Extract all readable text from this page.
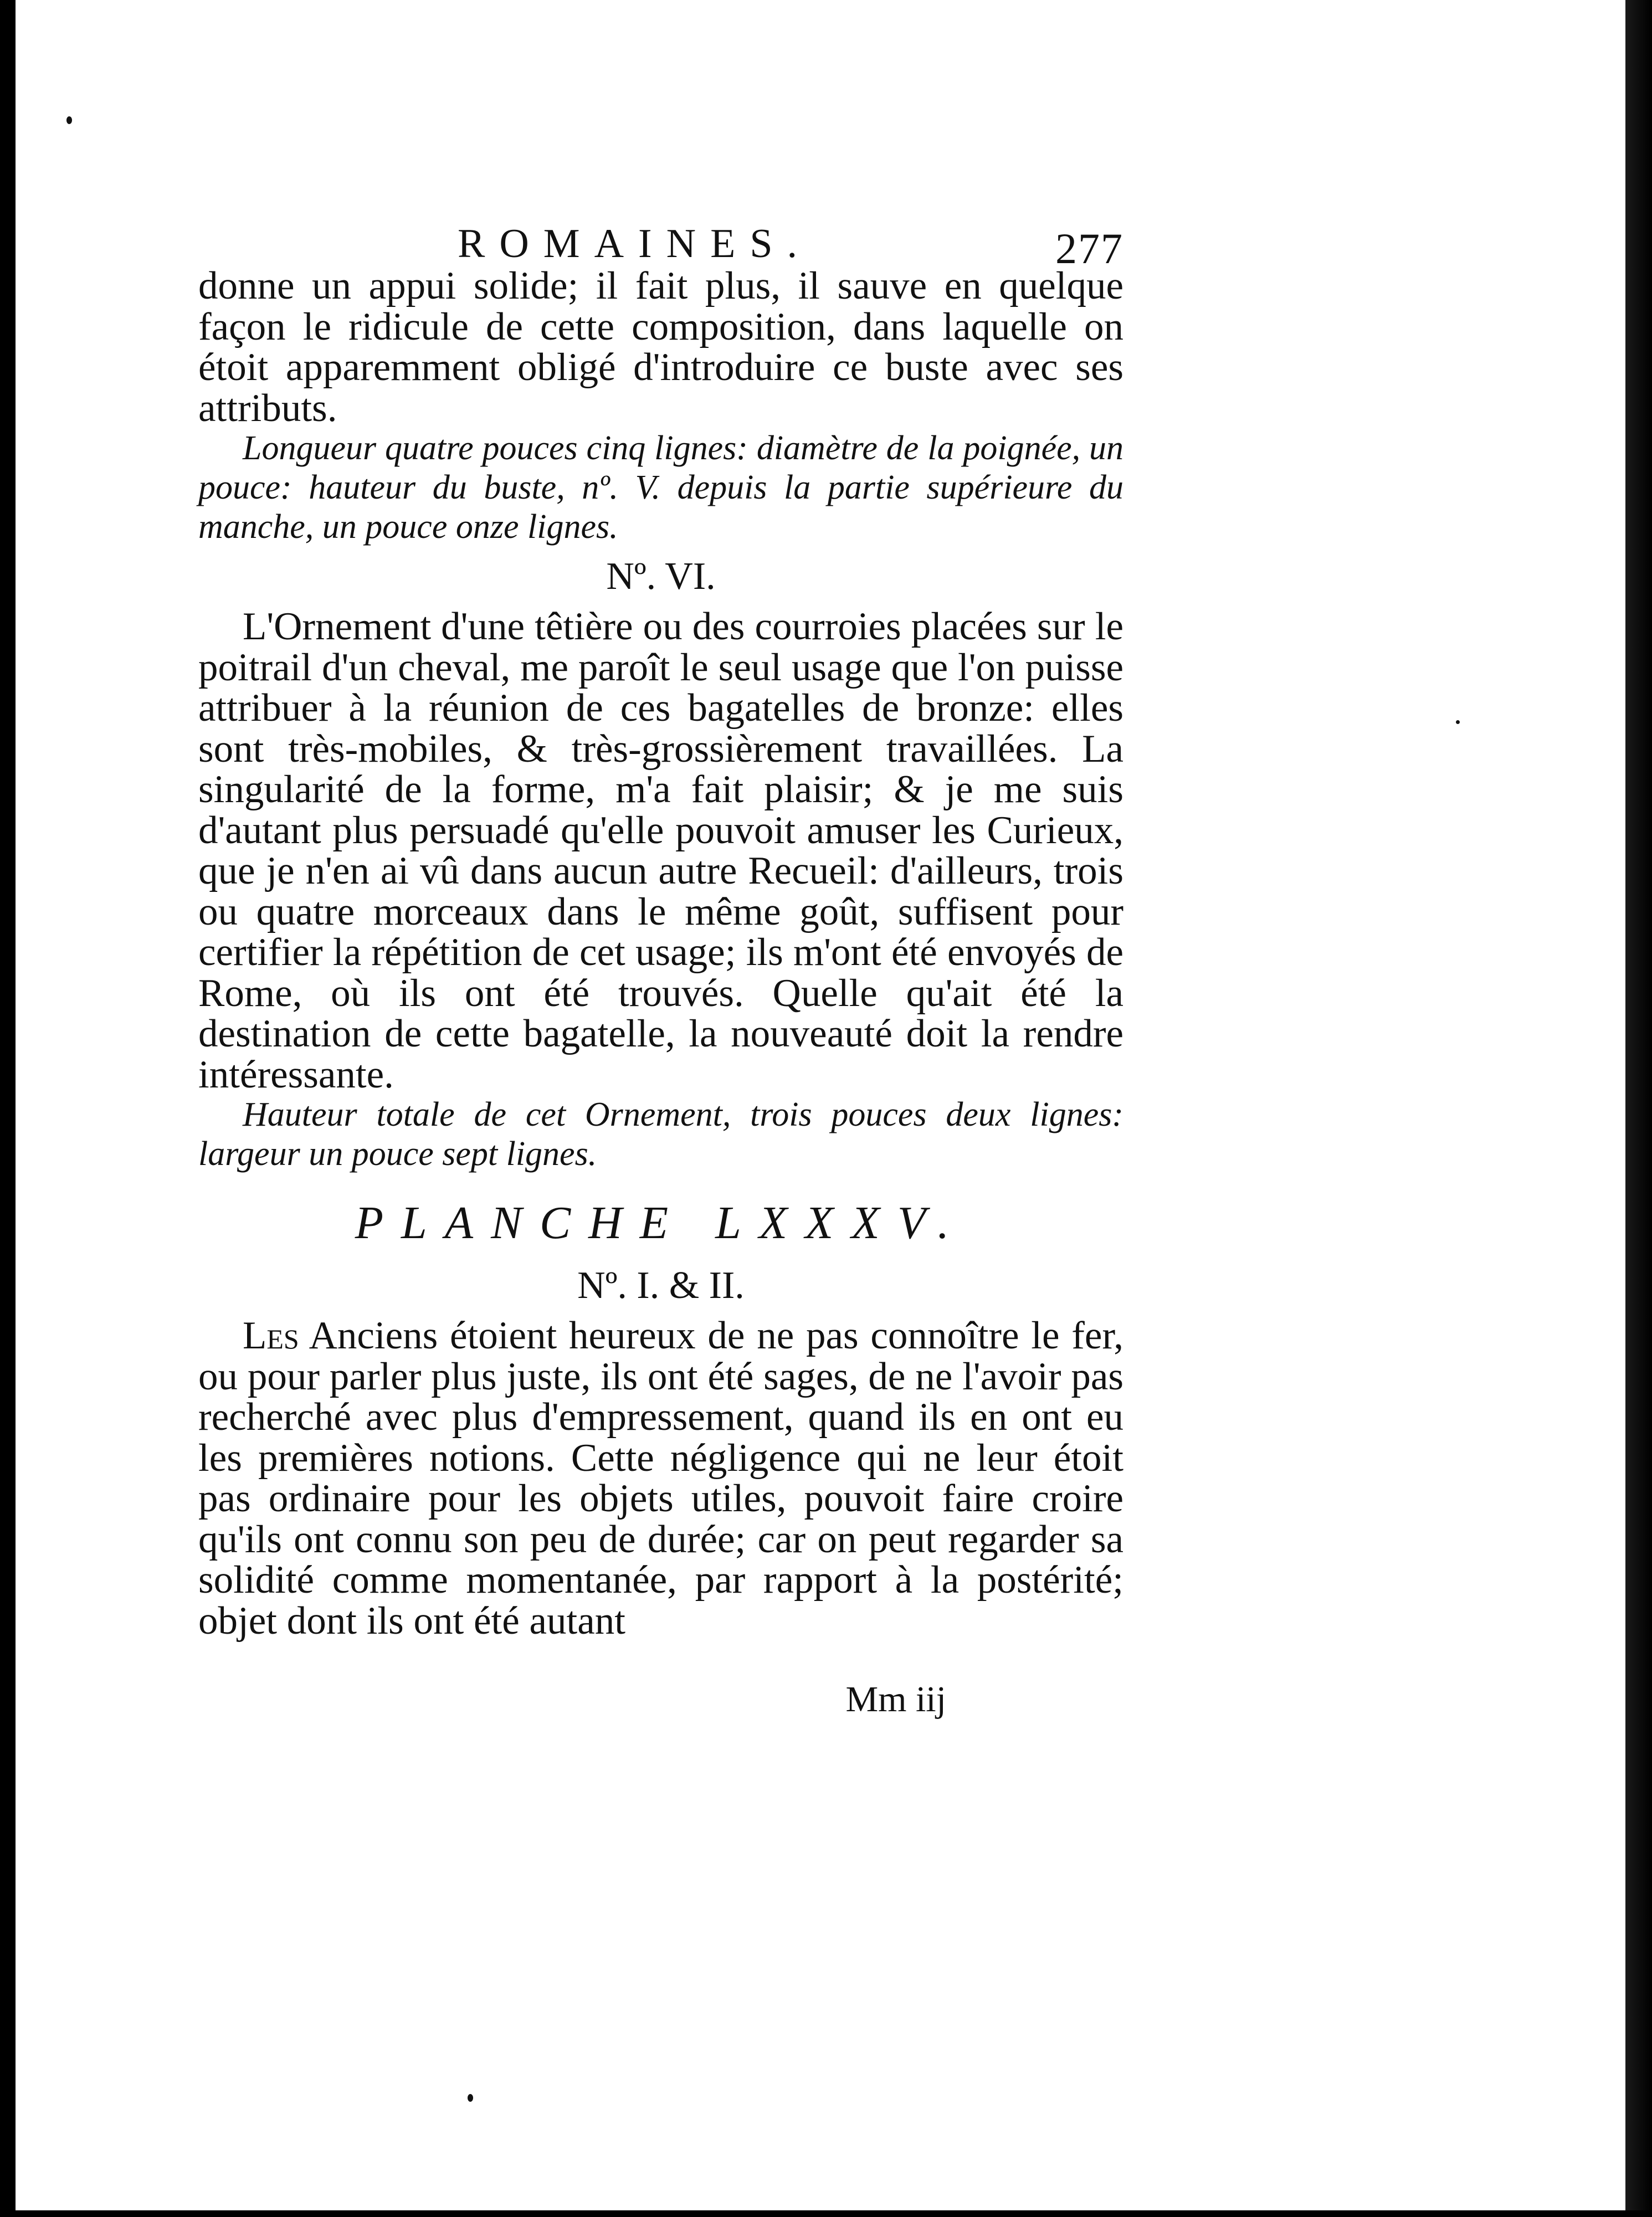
ROMAINES.	277

donne un appui solide; il fait plus, il sauve en quelque façon le ridicule de cette composition, dans laquelle on étoit apparemment obligé d'introduire ce buste avec ses attributs.

Longueur quatre pouces cinq lignes: diamètre de la poignée, un pouce: hauteur du buste, nº. V. depuis la partie supérieure du manche, un pouce onze lignes.

Nº. VI.

L'Ornement d'une têtière ou des courroies placées sur le poitrail d'un cheval, me paroît le seul usage que l'on puisse attribuer à la réunion de ces bagatelles de bronze: elles sont très-mobiles, & très-grossièrement travaillées. La singularité de la forme, m'a fait plaisir; & je me suis d'autant plus persuadé qu'elle pouvoit amuser les Curieux, que je n'en ai vû dans aucun autre Recueil: d'ailleurs, trois ou quatre morceaux dans le même goût, suffisent pour certifier la répétition de cet usage; ils m'ont été envoyés de Rome, où ils ont été trouvés. Quelle qu'ait été la destination de cette bagatelle, la nouveauté doit la rendre intéressante.

Hauteur totale de cet Ornement, trois pouces deux lignes: largeur un pouce sept lignes.

PLANCHE LXXXV.
Nº. I. & II.

Les Anciens étoient heureux de ne pas connoître le fer, ou pour parler plus juste, ils ont été sages, de ne l'avoir pas recherché avec plus d'empressement, quand ils en ont eu les premières notions. Cette négligence qui ne leur étoit pas ordinaire pour les objets utiles, pouvoit faire croire qu'ils ont connu son peu de durée; car on peut regarder sa solidité comme momentanée, par rapport à la postérité; objet dont ils ont été autant

Mm iij
